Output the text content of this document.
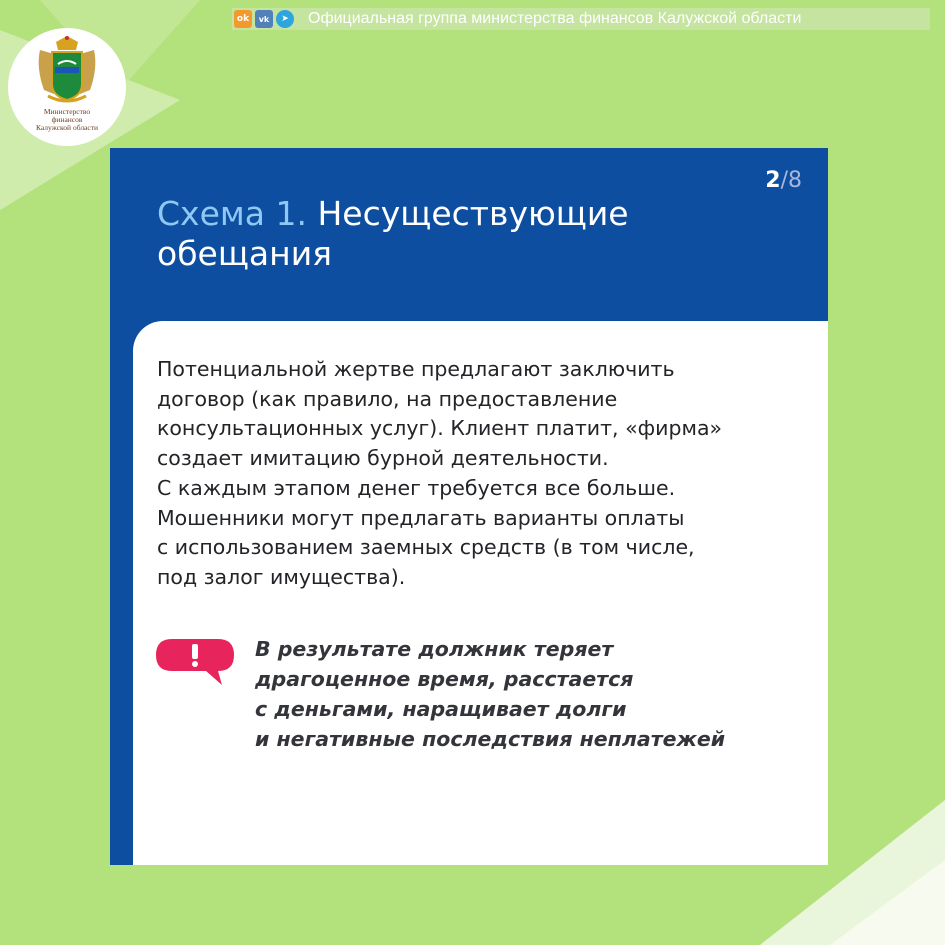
ok	vk	➤	Официальная группа министерства финансов Калужской области
Министерство
финансов
Калужской области
2/8
Схема 1. Несуществующие
обещания
Потенциальной жертве предлагают заключить
договор (как правило, на предоставление
консультационных услуг). Клиент платит, «фирма»
создает имитацию бурной деятельности.
С каждым этапом денег требуется все больше.
Мошенники могут предлагать варианты оплаты
с использованием заемных средств (в том числе,
под залог имущества).
В результате должник теряет
драгоценное время, расстается
с деньгами, наращивает долги
и негативные последствия неплатежей
